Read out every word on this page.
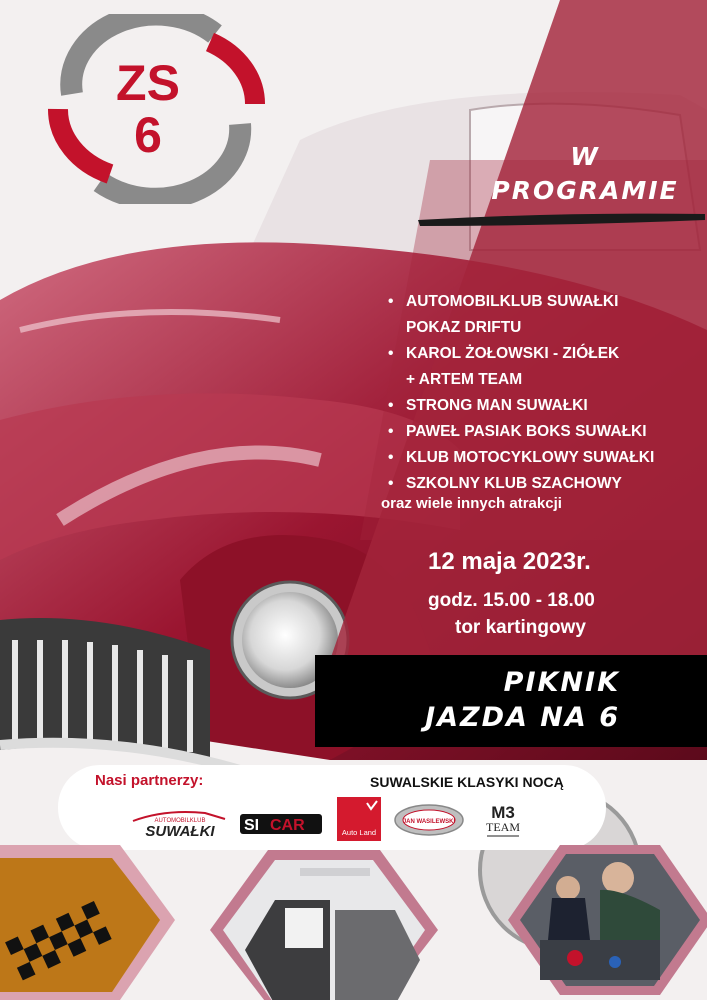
ZS
6	W
PROGRAMIE
• AUTOMOBILKLUB SUWAŁKI
POKAZ DRIFTU
• KAROL ŻOŁOWSKI - ZIÓŁEK
+ ARTEM TEAM
• STRONG MAN SUWAŁKI
• PAWEŁ PASIAK BOKS SUWAŁKI
• KLUB MOTOCYKLOWY SUWAŁKI
• SZKOLNY KLUB SZACHOWY
oraz wiele innych atrakcji
12 maja 2023r.
godz. 15.00 - 18.00
tor kartingowy
PIKNIK
JAZDA NA 6
Nasi partnerzy:	SUWALSKIE KLASYKI NOCĄ
AUTOMOBILKLUB
SUWAŁKI SI CAR	Auto Land
JAN WASILEWSKI M3
TEAM
